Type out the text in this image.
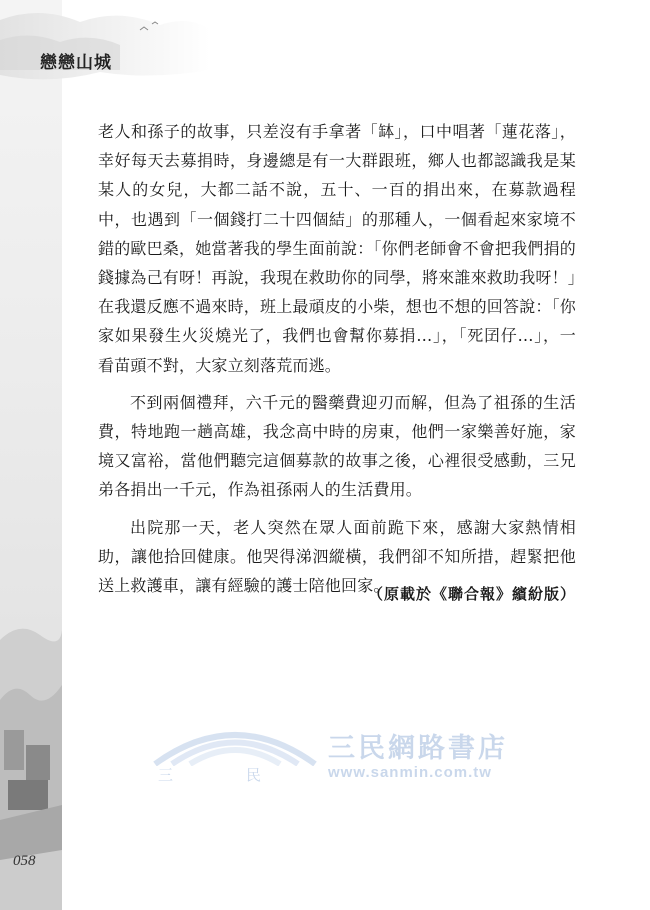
戀戀山城

老人和孫子的故事，只差沒有手拿著「缽」，口中唱著「蓮花落」，幸好每天去募捐時，身邊總是有一大群跟班，鄉人也都認識我是某某人的女兒，大都二話不說，五十、一百的捐出來，在募款過程中，也遇到「一個錢打二十四個結」的那種人，一個看起來家境不錯的歐巴桑，她當著我的學生面前說：「你們老師會不會把我們捐的錢據為己有呀！再說，我現在救助你的同學，將來誰來救助我呀！」在我還反應不過來時，班上最頑皮的小柴，想也不想的回答說：「你家如果發生火災燒光了，我們也會幫你募捐…」，「死囝仔…」，一看苗頭不對，大家立刻落荒而逃。

不到兩個禮拜，六千元的醫藥費迎刃而解，但為了祖孫的生活費，特地跑一趟高雄，我念高中時的房東，他們一家樂善好施，家境又富裕，當他們聽完這個募款的故事之後，心裡很受感動，三兄弟各捐出一千元，作為祖孫兩人的生活費用。

出院那一天，老人突然在眾人面前跪下來，感謝大家熱情相助，讓他拾回健康。他哭得涕泗縱橫，我們卻不知所措，趕緊把他送上救護車，讓有經驗的護士陪他回家。

（原載於《聯合報》繽紛版）
三	民
三民網路書店
www.sanmin.com.tw
058
